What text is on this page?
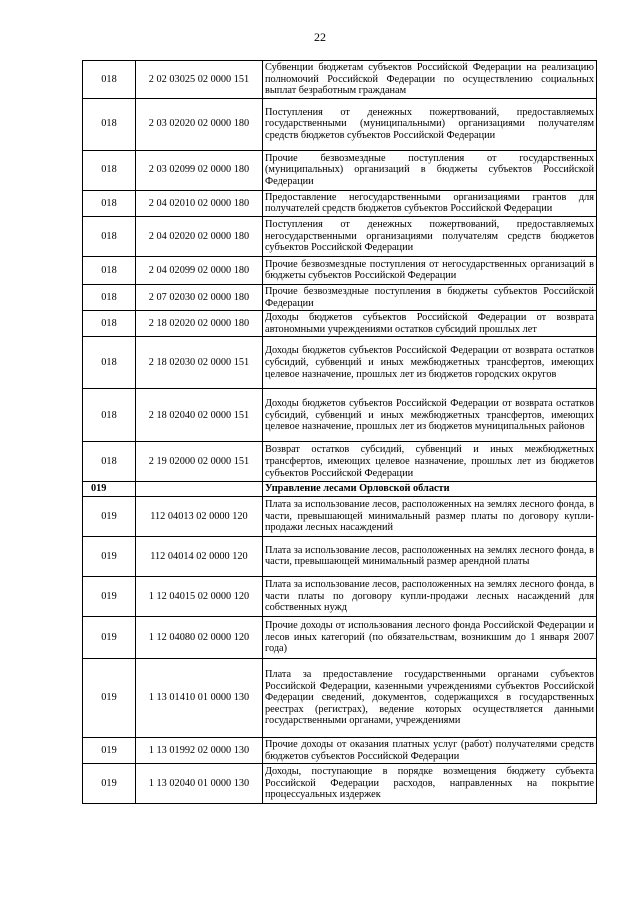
22
018	2 02 03025 02 0000 151	Субвенции бюджетам субъектов Российской Федерации на реализацию полномочий Российской Федерации по осуществлению социальных выплат безработным гражданам
018	2 03 02020 02 0000 180	Поступления от денежных пожертвований, предоставляемых государственными (муниципальными) организациями получателям средств бюджетов субъектов Российской Федерации
018	2 03 02099 02 0000 180	Прочие безвозмездные поступления от государственных (муниципальных) организаций в бюджеты субъектов Российской Федерации
018	2 04 02010 02 0000 180	Предоставление негосударственными организациями грантов для получателей средств бюджетов субъектов Российской Федерации
018	2 04 02020 02 0000 180	Поступления от денежных пожертвований, предоставляемых негосударственными организациями получателям средств бюджетов субъектов Российской Федерации
018	2 04 02099 02 0000 180	Прочие безвозмездные поступления от негосударственных организаций в бюджеты субъектов Российской Федерации
018	2 07 02030 02 0000 180	Прочие безвозмездные поступления в бюджеты субъектов Российской Федерации
018	2 18 02020 02 0000 180	Доходы бюджетов субъектов Российской Федерации от возврата автономными учреждениями остатков субсидий прошлых лет
018	2 18 02030 02 0000 151	Доходы бюджетов субъектов Российской Федерации от возврата остатков субсидий, субвенций и иных межбюджетных трансфертов, имеющих целевое назначение, прошлых лет из бюджетов городских округов
018	2 18 02040 02 0000 151	Доходы бюджетов субъектов Российской Федерации от возврата остатков субсидий, субвенций и иных межбюджетных трансфертов, имеющих целевое назначение, прошлых лет из бюджетов муниципальных районов
018	2 19 02000 02 0000 151	Возврат остатков субсидий, субвенций и иных межбюджетных трансфертов, имеющих целевое назначение, прошлых лет из бюджетов субъектов Российской Федерации
019		Управление лесами Орловской области
019	112 04013 02 0000 120	Плата за использование лесов, расположенных на землях лесного фонда, в части, превышающей минимальный размер платы по договору купли-продажи лесных насаждений
019	112 04014 02 0000 120	Плата за использование лесов, расположенных на землях лесного фонда, в части, превышающей минимальный размер арендной платы
019	1 12 04015 02 0000 120	Плата за использование лесов, расположенных на землях лесного фонда, в части платы по договору купли-продажи лесных насаждений для собственных нужд
019	1 12 04080 02 0000 120	Прочие доходы от использования лесного фонда Российской Федерации и лесов иных категорий (по обязательствам, возникшим до 1 января 2007 года)
019	1 13 01410 01 0000 130	Плата за предоставление государственными органами субъектов Российской Федерации, казенными учреждениями субъектов Российской Федерации сведений, документов, содержащихся в государственных реестрах (регистрах), ведение которых осуществляется данными государственными органами, учреждениями
019	1 13 01992 02 0000 130	Прочие доходы от оказания платных услуг (работ) получателями средств бюджетов субъектов Российской Федерации
019	1 13 02040 01 0000 130	Доходы, поступающие в порядке возмещения бюджету субъекта Российской Федерации расходов, направленных на покрытие процессуальных издержек
